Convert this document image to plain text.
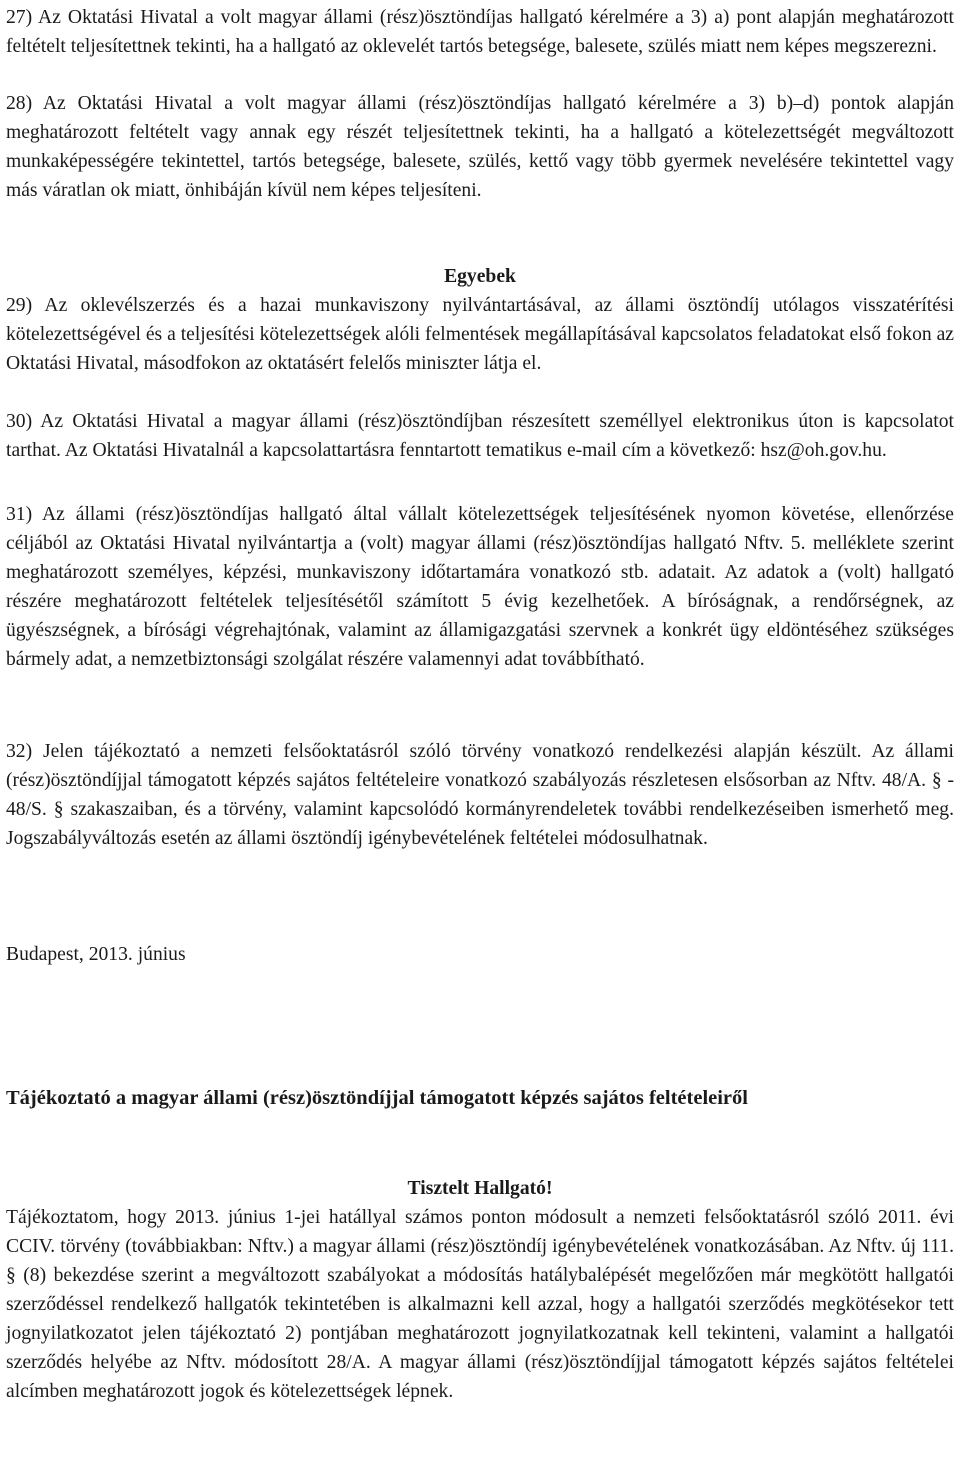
27) Az Oktatási Hivatal a volt magyar állami (rész)ösztöndíjas hallgató kérelmére a 3) a) pont alapján meghatározott feltételt teljesítettnek tekinti, ha a hallgató az oklevelét tartós betegsége, balesete, szülés miatt nem képes megszerezni.

28) Az Oktatási Hivatal a volt magyar állami (rész)ösztöndíjas hallgató kérelmére a 3) b)–d) pontok alapján meghatározott feltételt vagy annak egy részét teljesítettnek tekinti, ha a hallgató a kötelezettségét megváltozott munkaképességére tekintettel, tartós betegsége, balesete, szülés, kettő vagy több gyermek nevelésére tekintettel vagy más váratlan ok miatt, önhibáján kívül nem képes teljesíteni.

Egyebek

29) Az oklevélszerzés és a hazai munkaviszony nyilvántartásával, az állami ösztöndíj utólagos visszatérítési kötelezettségével és a teljesítési kötelezettségek alóli felmentések megállapításával kapcsolatos feladatokat első fokon az Oktatási Hivatal, másodfokon az oktatásért felelős miniszter látja el.

30) Az Oktatási Hivatal a magyar állami (rész)ösztöndíjban részesített személlyel elektronikus úton is kapcsolatot tarthat. Az Oktatási Hivatalnál a kapcsolattartásra fenntartott tematikus e-mail cím a következő: hsz@oh.gov.hu.

31) Az állami (rész)ösztöndíjas hallgató által vállalt kötelezettségek teljesítésének nyomon követése, ellenőrzése céljából az Oktatási Hivatal nyilvántartja a (volt) magyar állami (rész)ösztöndíjas hallgató Nftv. 5. melléklete szerint meghatározott személyes, képzési, munkaviszony időtartamára vonatkozó stb. adatait. Az adatok a (volt) hallgató részére meghatározott feltételek teljesítésétől számított 5 évig kezelhetőek. A bíróságnak, a rendőrségnek, az ügyészségnek, a bírósági végrehajtónak, valamint az államigazgatási szervnek a konkrét ügy eldöntéséhez szükséges bármely adat, a nemzetbiztonsági szolgálat részére valamennyi adat továbbítható.

32) Jelen tájékoztató a nemzeti felsőoktatásról szóló törvény vonatkozó rendelkezési alapján készült. Az állami (rész)ösztöndíjjal támogatott képzés sajátos feltételeire vonatkozó szabályozás részletesen elsősorban az Nftv. 48/A. § - 48/S. § szakaszaiban, és a törvény, valamint kapcsolódó kormányrendeletek további rendelkezéseiben ismerhető meg. Jogszabályváltozás esetén az állami ösztöndíj igénybevételének feltételei módosulhatnak.

Budapest, 2013. június

Tájékoztató a magyar állami (rész)ösztöndíjjal támogatott képzés sajátos feltételeiről

Tisztelt Hallgató!

Tájékoztatom, hogy 2013. június 1-jei hatállyal számos ponton módosult a nemzeti felsőoktatásról szóló 2011. évi CCIV. törvény (továbbiakban: Nftv.) a magyar állami (rész)ösztöndíj igénybevételének vonatkozásában. Az Nftv. új 111. § (8) bekezdése szerint a megváltozott szabályokat a módosítás hatálybalépését megelőzően már megkötött hallgatói szerződéssel rendelkező hallgatók tekintetében is alkalmazni kell azzal, hogy a hallgatói szerződés megkötésekor tett jognyilatkozatot jelen tájékoztató 2) pontjában meghatározott jognyilatkozatnak kell tekinteni, valamint a hallgatói szerződés helyébe az Nftv. módosított 28/A. A magyar állami (rész)ösztöndíjjal támogatott képzés sajátos feltételei alcímben meghatározott jogok és kötelezettségek lépnek.
